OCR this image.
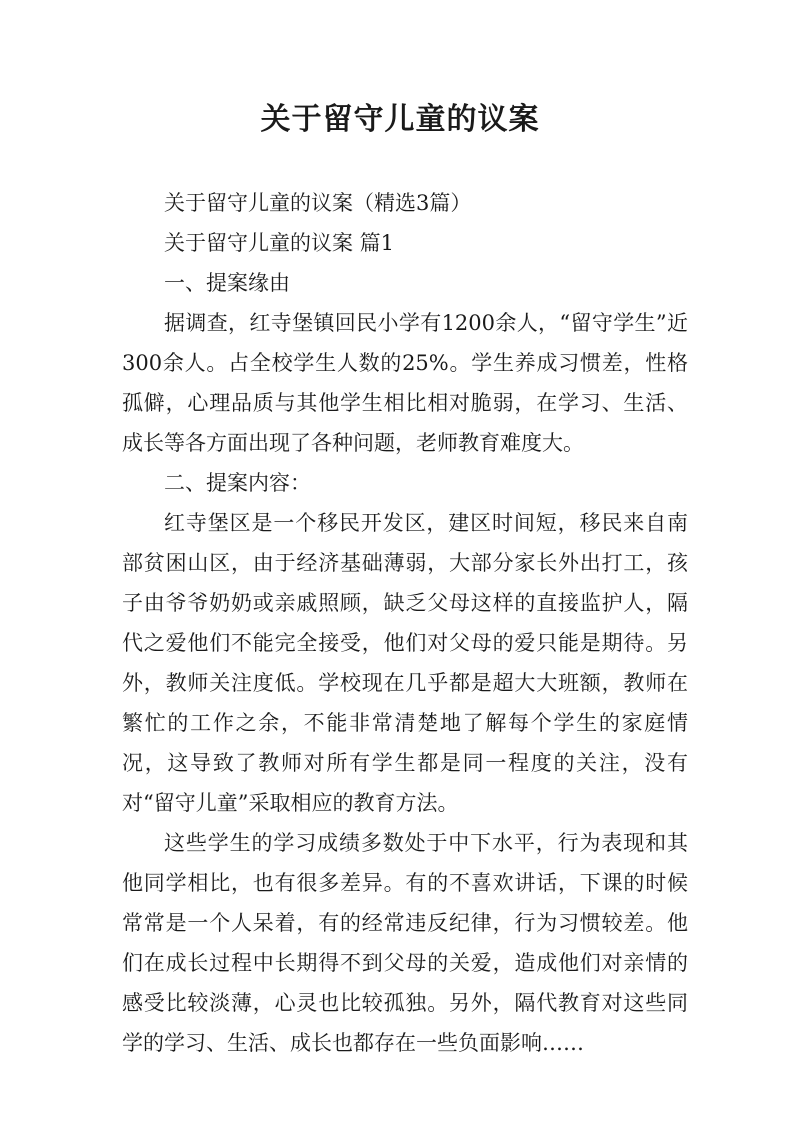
关于留守儿童的议案

关于留守儿童的议案（精选3篇）

关于留守儿童的议案 篇1

一、提案缘由

据调查，红寺堡镇回民小学有1200余人，“留守学生”近300余人。占全校学生人数的25%。学生养成习惯差，性格孤僻，心理品质与其他学生相比相对脆弱，在学习、生活、成长等各方面出现了各种问题，老师教育难度大。

二、提案内容：

红寺堡区是一个移民开发区，建区时间短，移民来自南部贫困山区，由于经济基础薄弱，大部分家长外出打工，孩子由爷爷奶奶或亲戚照顾，缺乏父母这样的直接监护人，隔代之爱他们不能完全接受，他们对父母的爱只能是期待。另外，教师关注度低。学校现在几乎都是超大大班额，教师在繁忙的工作之余，不能非常清楚地了解每个学生的家庭情况，这导致了教师对所有学生都是同一程度的关注，没有对“留守儿童”采取相应的教育方法。

这些学生的学习成绩多数处于中下水平，行为表现和其他同学相比，也有很多差异。有的不喜欢讲话，下课的时候常常是一个人呆着，有的经常违反纪律，行为习惯较差。他们在成长过程中长期得不到父母的关爱，造成他们对亲情的感受比较淡薄，心灵也比较孤独。另外，隔代教育对这些同学的学习、生活、成长也都存在一些负面影响……
